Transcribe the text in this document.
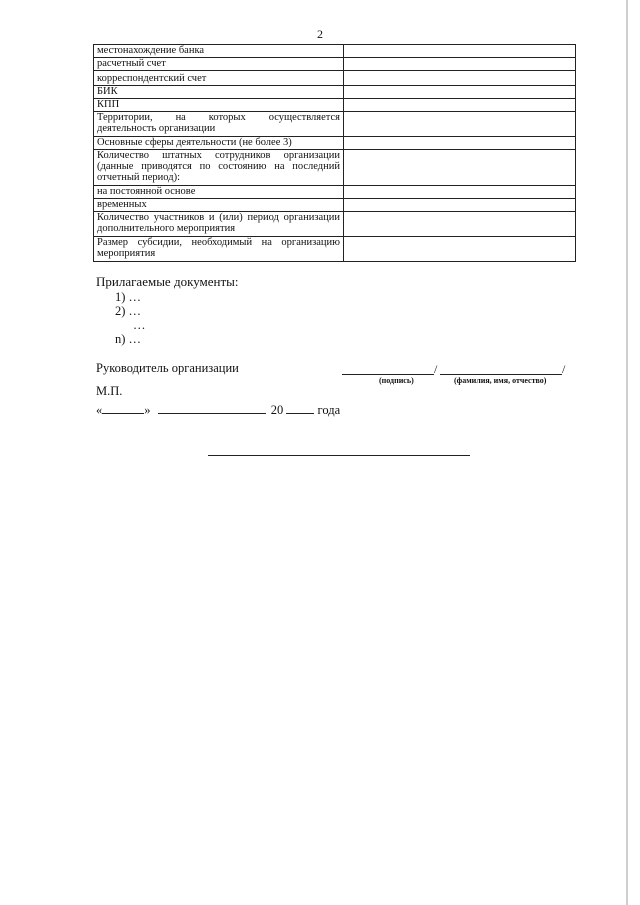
2
местонахождение банка	
расчетный счет	
корреспондентский счет	
БИК	
КПП	
Территории, на которых осуществляется деятельность организации	
Основные сферы деятельности (не более 3)	
Количество штатных сотрудников организации (данные приводятся по состоянию на последний отчетный период):	
на постоянной основе	
временных	
Количество участников и (или) период организации дополнительного мероприятия	
Размер субсидии, необходимый на организацию мероприятия	
Прилагаемые документы:
1) …
2) …
…
n) …
Руководитель организации	/	/
(подпись)	(фамилия, имя, отчество)
М.П.
«	»	20	года
